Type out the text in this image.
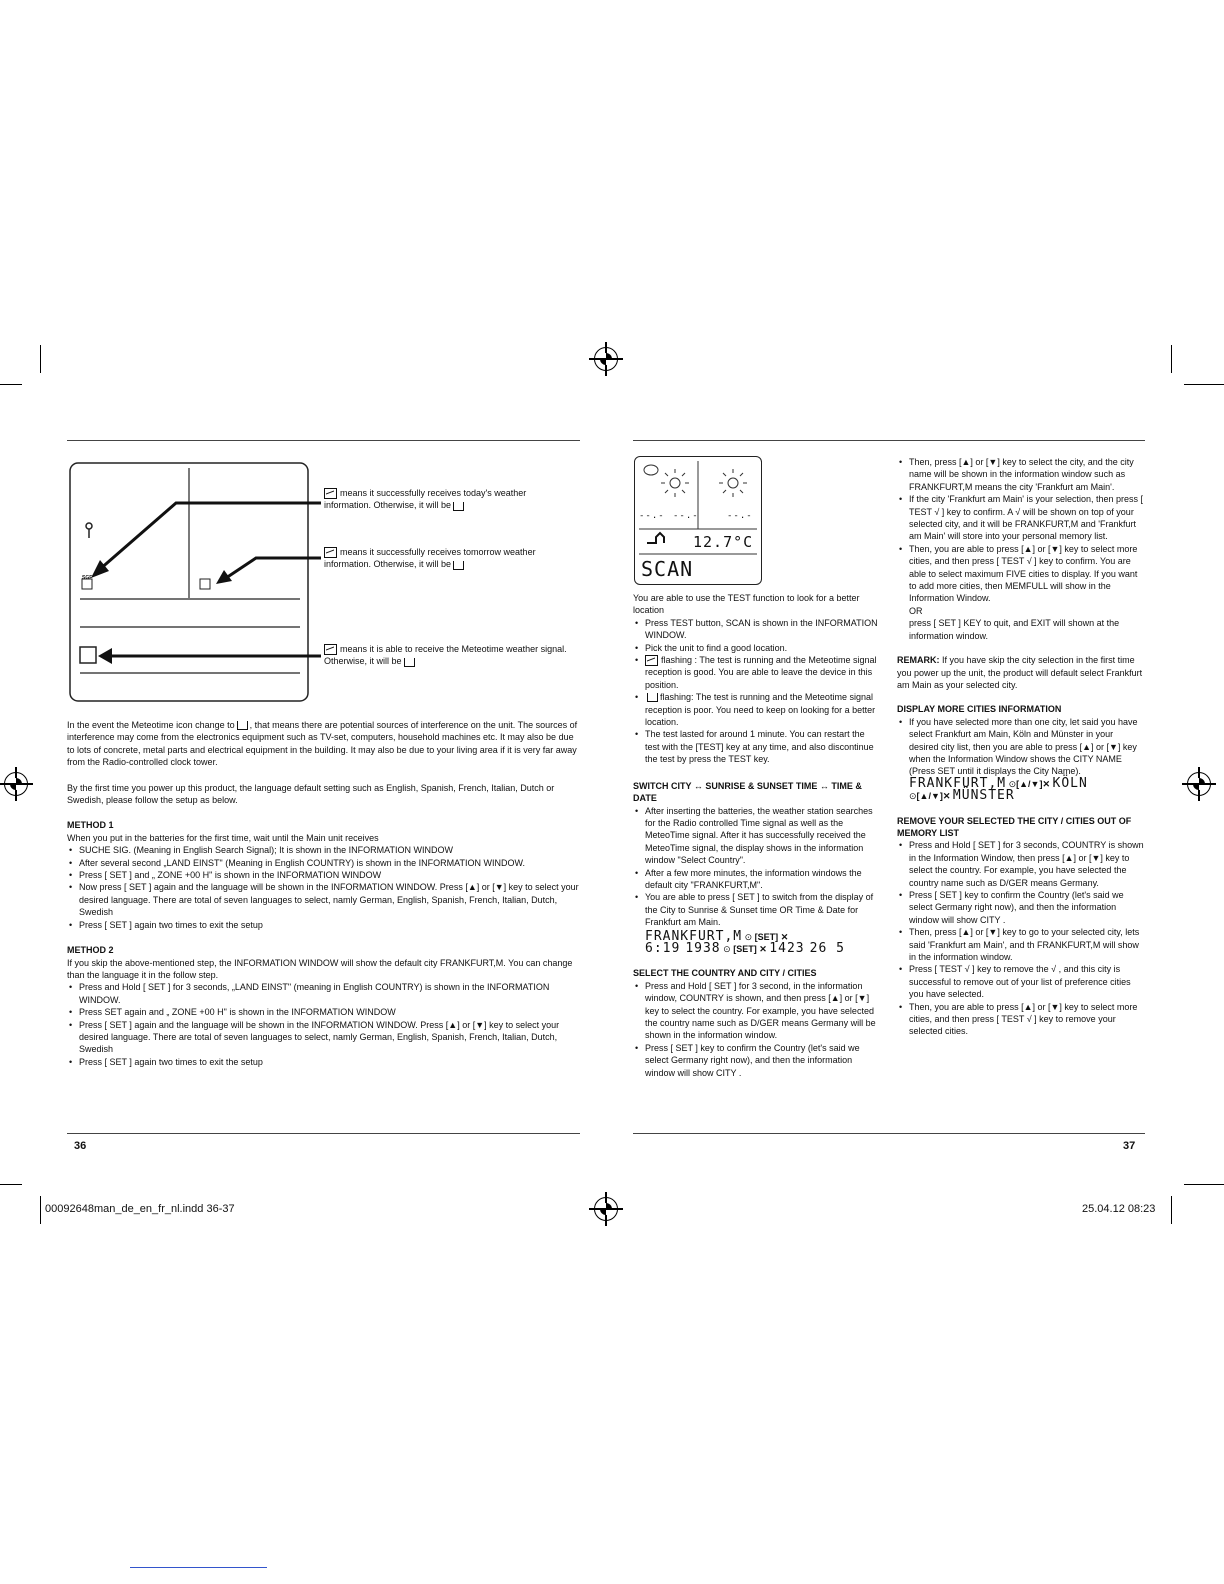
SGF
means it successfully receives today's weather information. Otherwise, it will be
means it successfully receives tomorrow weather information. Otherwise, it will be
means it is able to receive the Meteotime weather signal. Otherwise, it will be

In the event the Meteotime icon change to , that means there are potential sources of interference on the unit. The sources of interference may come from the electronics equipment such as TV-set, computers, household machines etc. It may also be due to lots of concrete, metal parts and electrical equipment in the building. It may also be due to your living area if it is very far away from the Radio-controlled clock tower.

By the first time you power up this product, the language default setting such as English, Spanish, French, Italian, Dutch or Swedish, please follow the setup as below.

METHOD 1

When you put in the batteries for the first time, wait until the Main unit receives

• SUCHE SIG. (Meaning in English Search Signal); It is shown in the INFORMATION WINDOW
• After several second „LAND EINST" (Meaning in English COUNTRY) is shown in the INFORMATION WINDOW.
• Press [ SET ] and „ ZONE +00 H" is shown in the INFORMATION WINDOW
• Now press [ SET ] again and the language will be shown in the INFORMATION WINDOW. Press [▲] or [▼] key to select your desired language. There are total of seven languages to select, namly German, English, Spanish, French, Italian, Dutch, Swedish
• Press [ SET ] again two times to exit the setup

METHOD 2

If you skip the above-mentioned step, the INFORMATION WINDOW will show the default city FRANKFURT,M. You can change than the language it in the follow step.

• Press and Hold [ SET ] for 3 seconds, „LAND EINST" (meaning in English COUNTRY) is shown in the INFORMATION WINDOW.
• Press SET again and „ ZONE +00 H" is shown in the INFORMATION WINDOW
• Press [ SET ] again and the language will be shown in the INFORMATION WINDOW. Press [▲] or [▼] key to select your desired language. There are total of seven languages to select, namly German, English, Spanish, French, Italian, Dutch, Swedish
• Press [ SET ] again two times to exit the setup
36
--.- --.-	--.-
12.7°C
SCAN

You are able to use the TEST function to look for a better location

• Press TEST button, SCAN is shown in the INFORMATION WINDOW.
• Pick the unit to find a good location.
• flashing : The test is running and the Meteotime signal reception is good. You are able to leave the device in this position.
• flashing: The test is running and the Meteotime signal reception is poor. You need to keep on looking for a better location.
• The test lasted for around 1 minute. You can restart the test with the [TEST] key at any time, and also discontinue the test by press the TEST key.

SWITCH CITY ↔ SUNRISE & SUNSET TIME ↔ TIME & DATE

• After inserting the batteries, the weather station searches for the Radio controlled Time signal as well as the MeteoTime signal. After it has successfully received the MeteoTime signal, the display shows in the information window "Select Country".
• After a few more minutes, the information windows the default city "FRANKFURT,M".
• You are able to press [ SET ] to switch from the display of the City to Sunrise & Sunset time OR Time & Date for Frankfurt am Main.
FRANKFURT,M ⊙ [SET] ✕
6:19 1938 ⊙ [SET] ✕ 1423 26 5

SELECT THE COUNTRY AND CITY / CITIES

• Press and Hold [ SET ] for 3 second, in the information window, COUNTRY is shown, and then press [▲] or [▼] key to select the country. For example, you have selected the country name such as D/GER means Germany will be shown in the information window.
• Press [ SET ] key to confirm the Country (let's said we select Germany right now), and then the information window will show CITY .
• Then, press [▲] or [▼] key to select the city, and the city name will be shown in the information window such as FRANKFURT,M means the city 'Frankfurt am Main'.
• If the city 'Frankfurt am Main' is your selection, then press [ TEST √ ] key to confirm. A √ will be shown on top of your selected city, and it will be FRANKFURT,M and 'Frankfurt am Main' will store into your personal memory list.
• Then, you are able to press [▲] or [▼] key to select more cities, and then press [ TEST √ ] key to confirm. You are able to select maximum FIVE cities to display. If you want to add more cities, then MEMFULL will show in the Information Window.

OR

press [ SET ] KEY to quit, and EXIT will shown at the information window.

REMARK: If you have skip the city selection in the first time you power up the unit, the product will default select Frankfurt am Main as your selected city.

DISPLAY MORE CITIES INFORMATION

• If you have selected more than one city, let said you have select Frankfurt am Main, Köln and Münster in your desired city list, then you are able to press [▲] or [▼] key when the Information Window shows the CITY NAME (Press SET until it displays the City Name).
FRANKFURT,M ⊙[▲/▼]✕ KÖLN
⊙[▲/▼]✕ MÜNSTER

REMOVE YOUR SELECTED THE CITY / CITIES OUT OF MEMORY LIST

• Press and Hold [ SET ] for 3 seconds, COUNTRY is shown in the Information Window, then press [▲] or [▼] key to select the country. For example, you have selected the country name such as D/GER means Germany.
• Press [ SET ] key to confirm the Country (let's said we select Germany right now), and then the information window will show CITY .
• Then, press [▲] or [▼] key to go to your selected city, lets said 'Frankfurt am Main', and th FRANKFURT,M will show in the information window.
• Press [ TEST √ ] key to remove the √ , and this city is successful to remove out of your list of preference cities you have selected.
• Then, you are able to press [▲] or [▼] key to select more cities, and then press [ TEST √ ] key to remove your selected cities.
37
00092648man_de_en_fr_nl.indd 36-37	25.04.12 08:23
